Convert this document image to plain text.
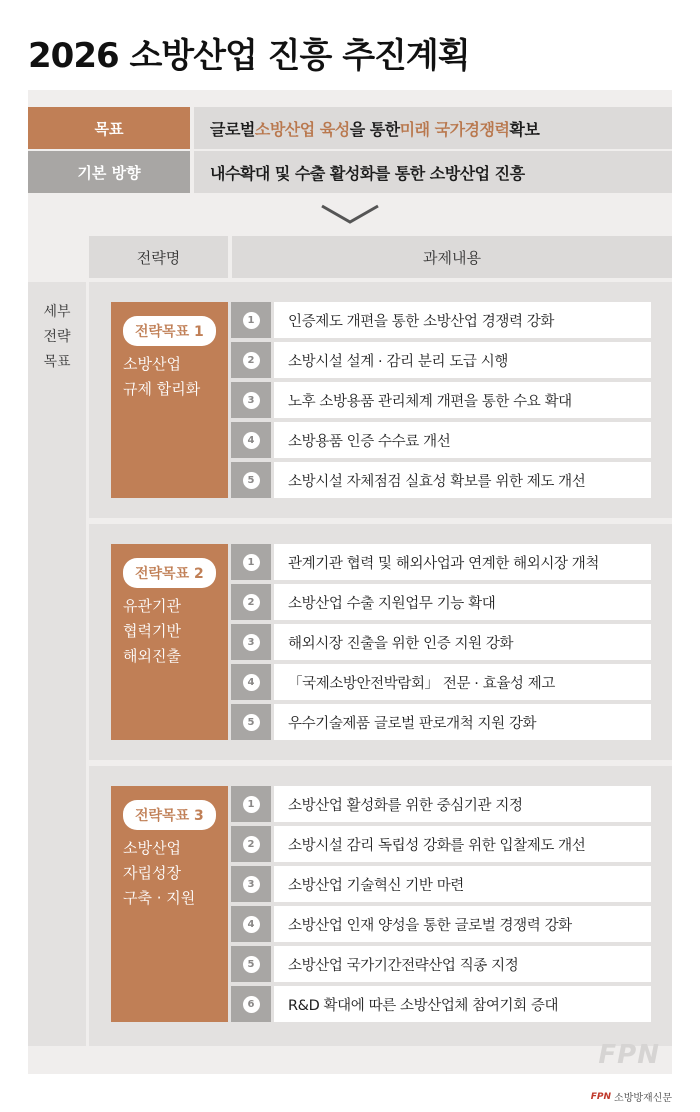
2026 소방산업 진흥 추진계획
목표	글로벌 소방산업 육성 을 통한 미래 국가경쟁력 확보
기본 방향	내수확대 및 수출 활성화를 통한 소방산업 진흥
전략명	과제내용
세부
전략
목표
전략목표 1
소방산업
규제 합리화
1	인증제도 개편을 통한 소방산업 경쟁력 강화
2	소방시설 설계 · 감리 분리 도급 시행
3	노후 소방용품 관리체계 개편을 통한 수요 확대
4	소방용품 인증 수수료 개선
5	소방시설 자체점검 실효성 확보를 위한 제도 개선
전략목표 2
유관기관
협력기반
해외진출
1	관계기관 협력 및 해외사업과 연계한 해외시장 개척
2	소방산업 수출 지원업무 기능 확대
3	해외시장 진출을 위한 인증 지원 강화
4	「국제소방안전박람회」 전문 · 효율성 제고
5	우수기술제품 글로벌 판로개척 지원 강화
전략목표 3
소방산업
자립성장
구축 · 지원
1	소방산업 활성화를 위한 중심기관 지정
2	소방시설 감리 독립성 강화를 위한 입찰제도 개선
3	소방산업 기술혁신 기반 마련
4	소방산업 인재 양성을 통한 글로벌 경쟁력 강화
5	소방산업 국가기간전략산업 직종 지정
6	R&D 확대에 따른 소방산업체 참여기회 증대
FPN
FPN 소방방재신문
